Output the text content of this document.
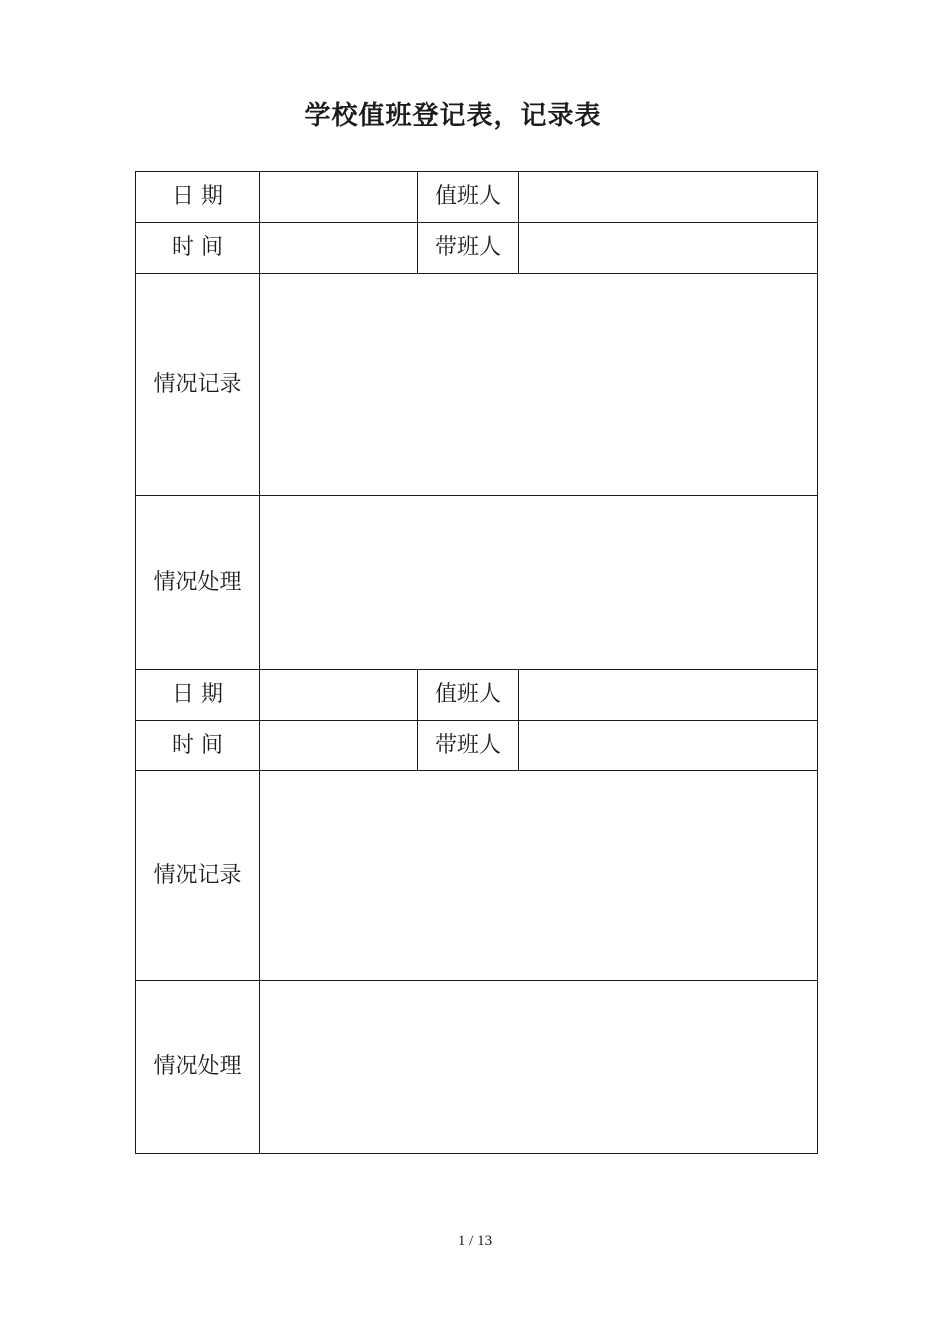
学校值班登记表，记录表
日 期		值班人	
时 间		带班人	
情况记录			
情况处理			
日 期		值班人	
时 间		带班人	
情况记录			
情况处理			
1 / 13
